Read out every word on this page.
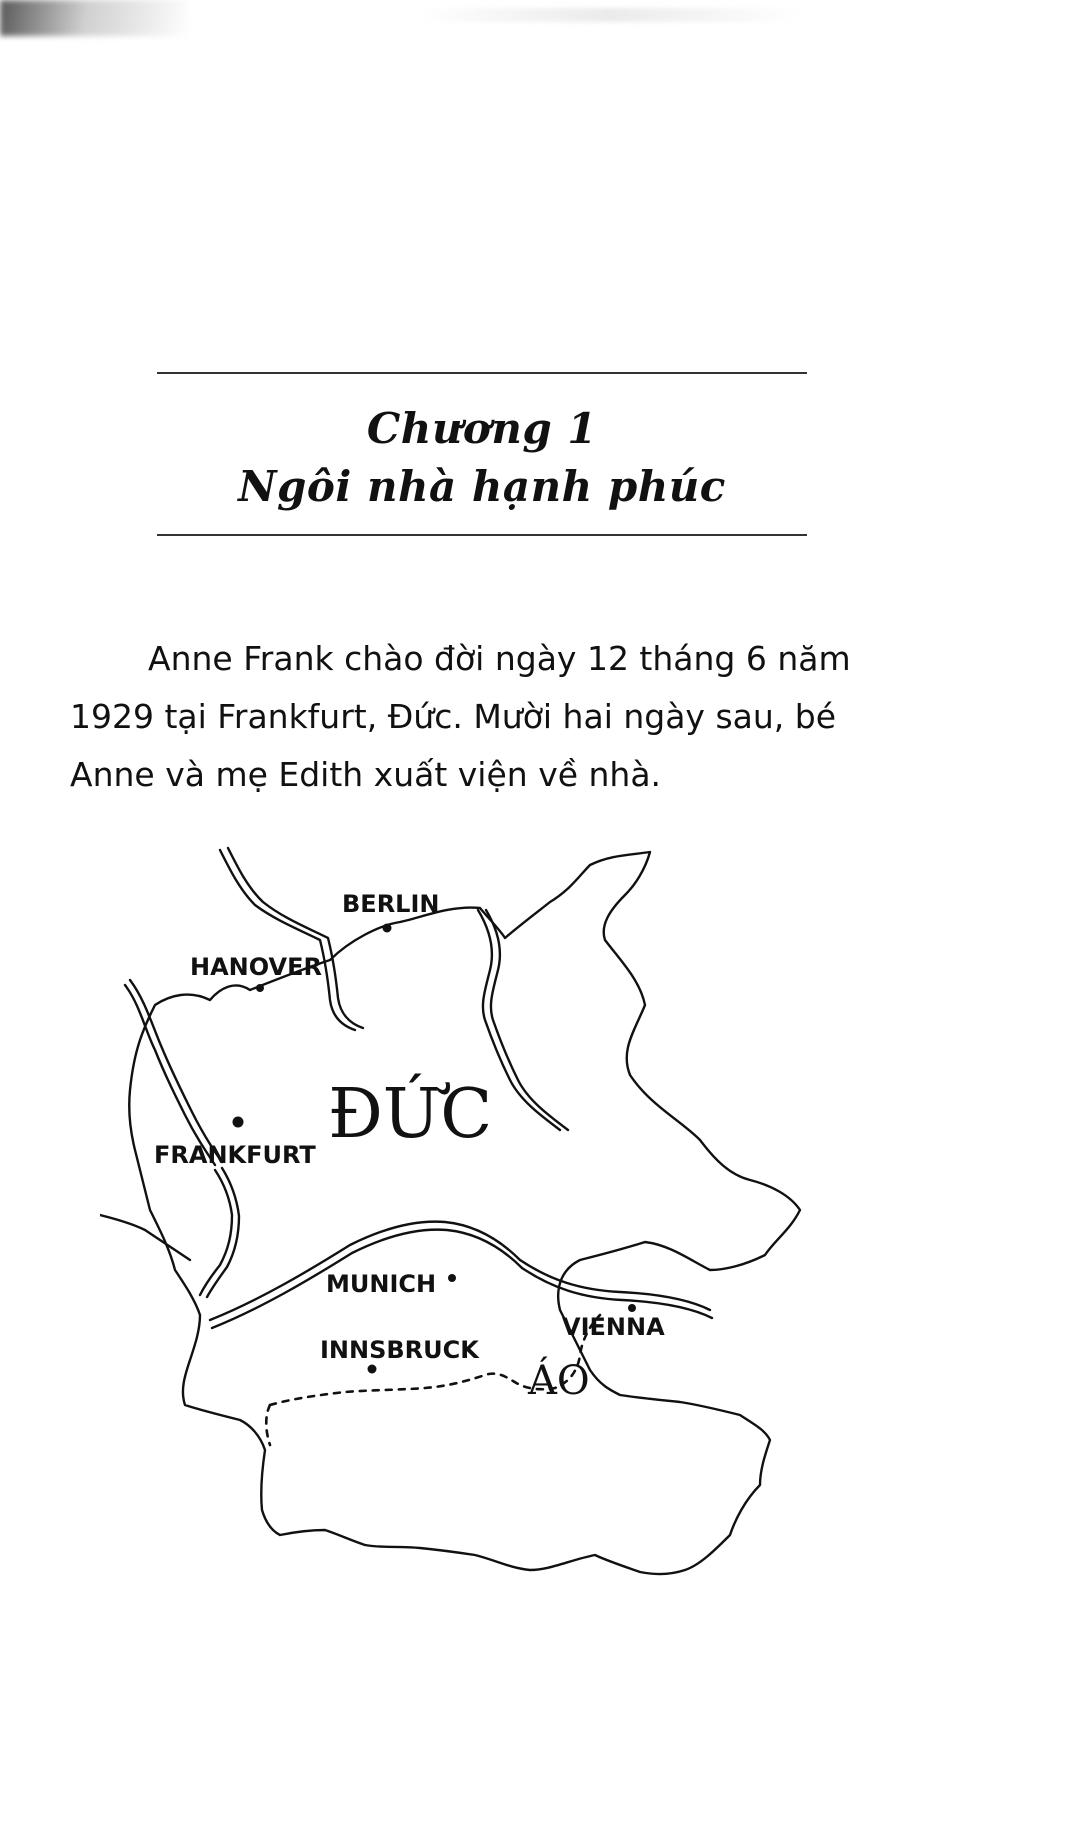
Chương 1
Ngôi nhà hạnh phúc

Anne Frank chào đời ngày 12 tháng 6 năm 1929 tại Frankfurt, Đức. Mười hai ngày sau, bé Anne và mẹ Edith xuất viện về nhà.

BERLIN
HANOVER
FRANKFURT
MUNICH
VIENNA
INNSBRUCK
ĐỨC
ÁO
